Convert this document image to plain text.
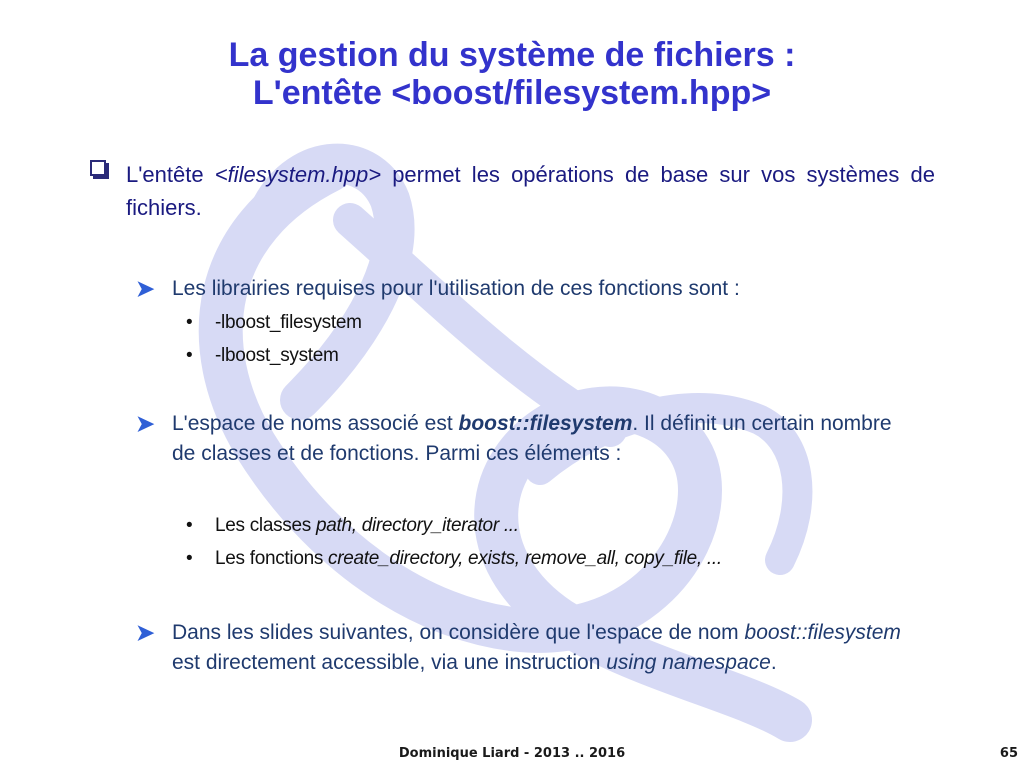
La gestion du système de fichiers :
L'entête <boost/filesystem.hpp>
L'entête <filesystem.hpp> permet les opérations de base sur vos systèmes de fichiers.
➤ Les librairies requises pour l'utilisation de ces fonctions sont :
• -lboost_filesystem
• -lboost_system
➤ L'espace de noms associé est boost::filesystem. Il définit un certain nombre de classes et de fonctions. Parmi ces éléments :
• Les classes path, directory_iterator ...
• Les fonctions create_directory, exists, remove_all, copy_file, ...
➤ Dans les slides suivantes, on considère que l'espace de nom boost::filesystem est directement accessible, via une instruction using namespace.
Dominique Liard - 2013 .. 2016	65
